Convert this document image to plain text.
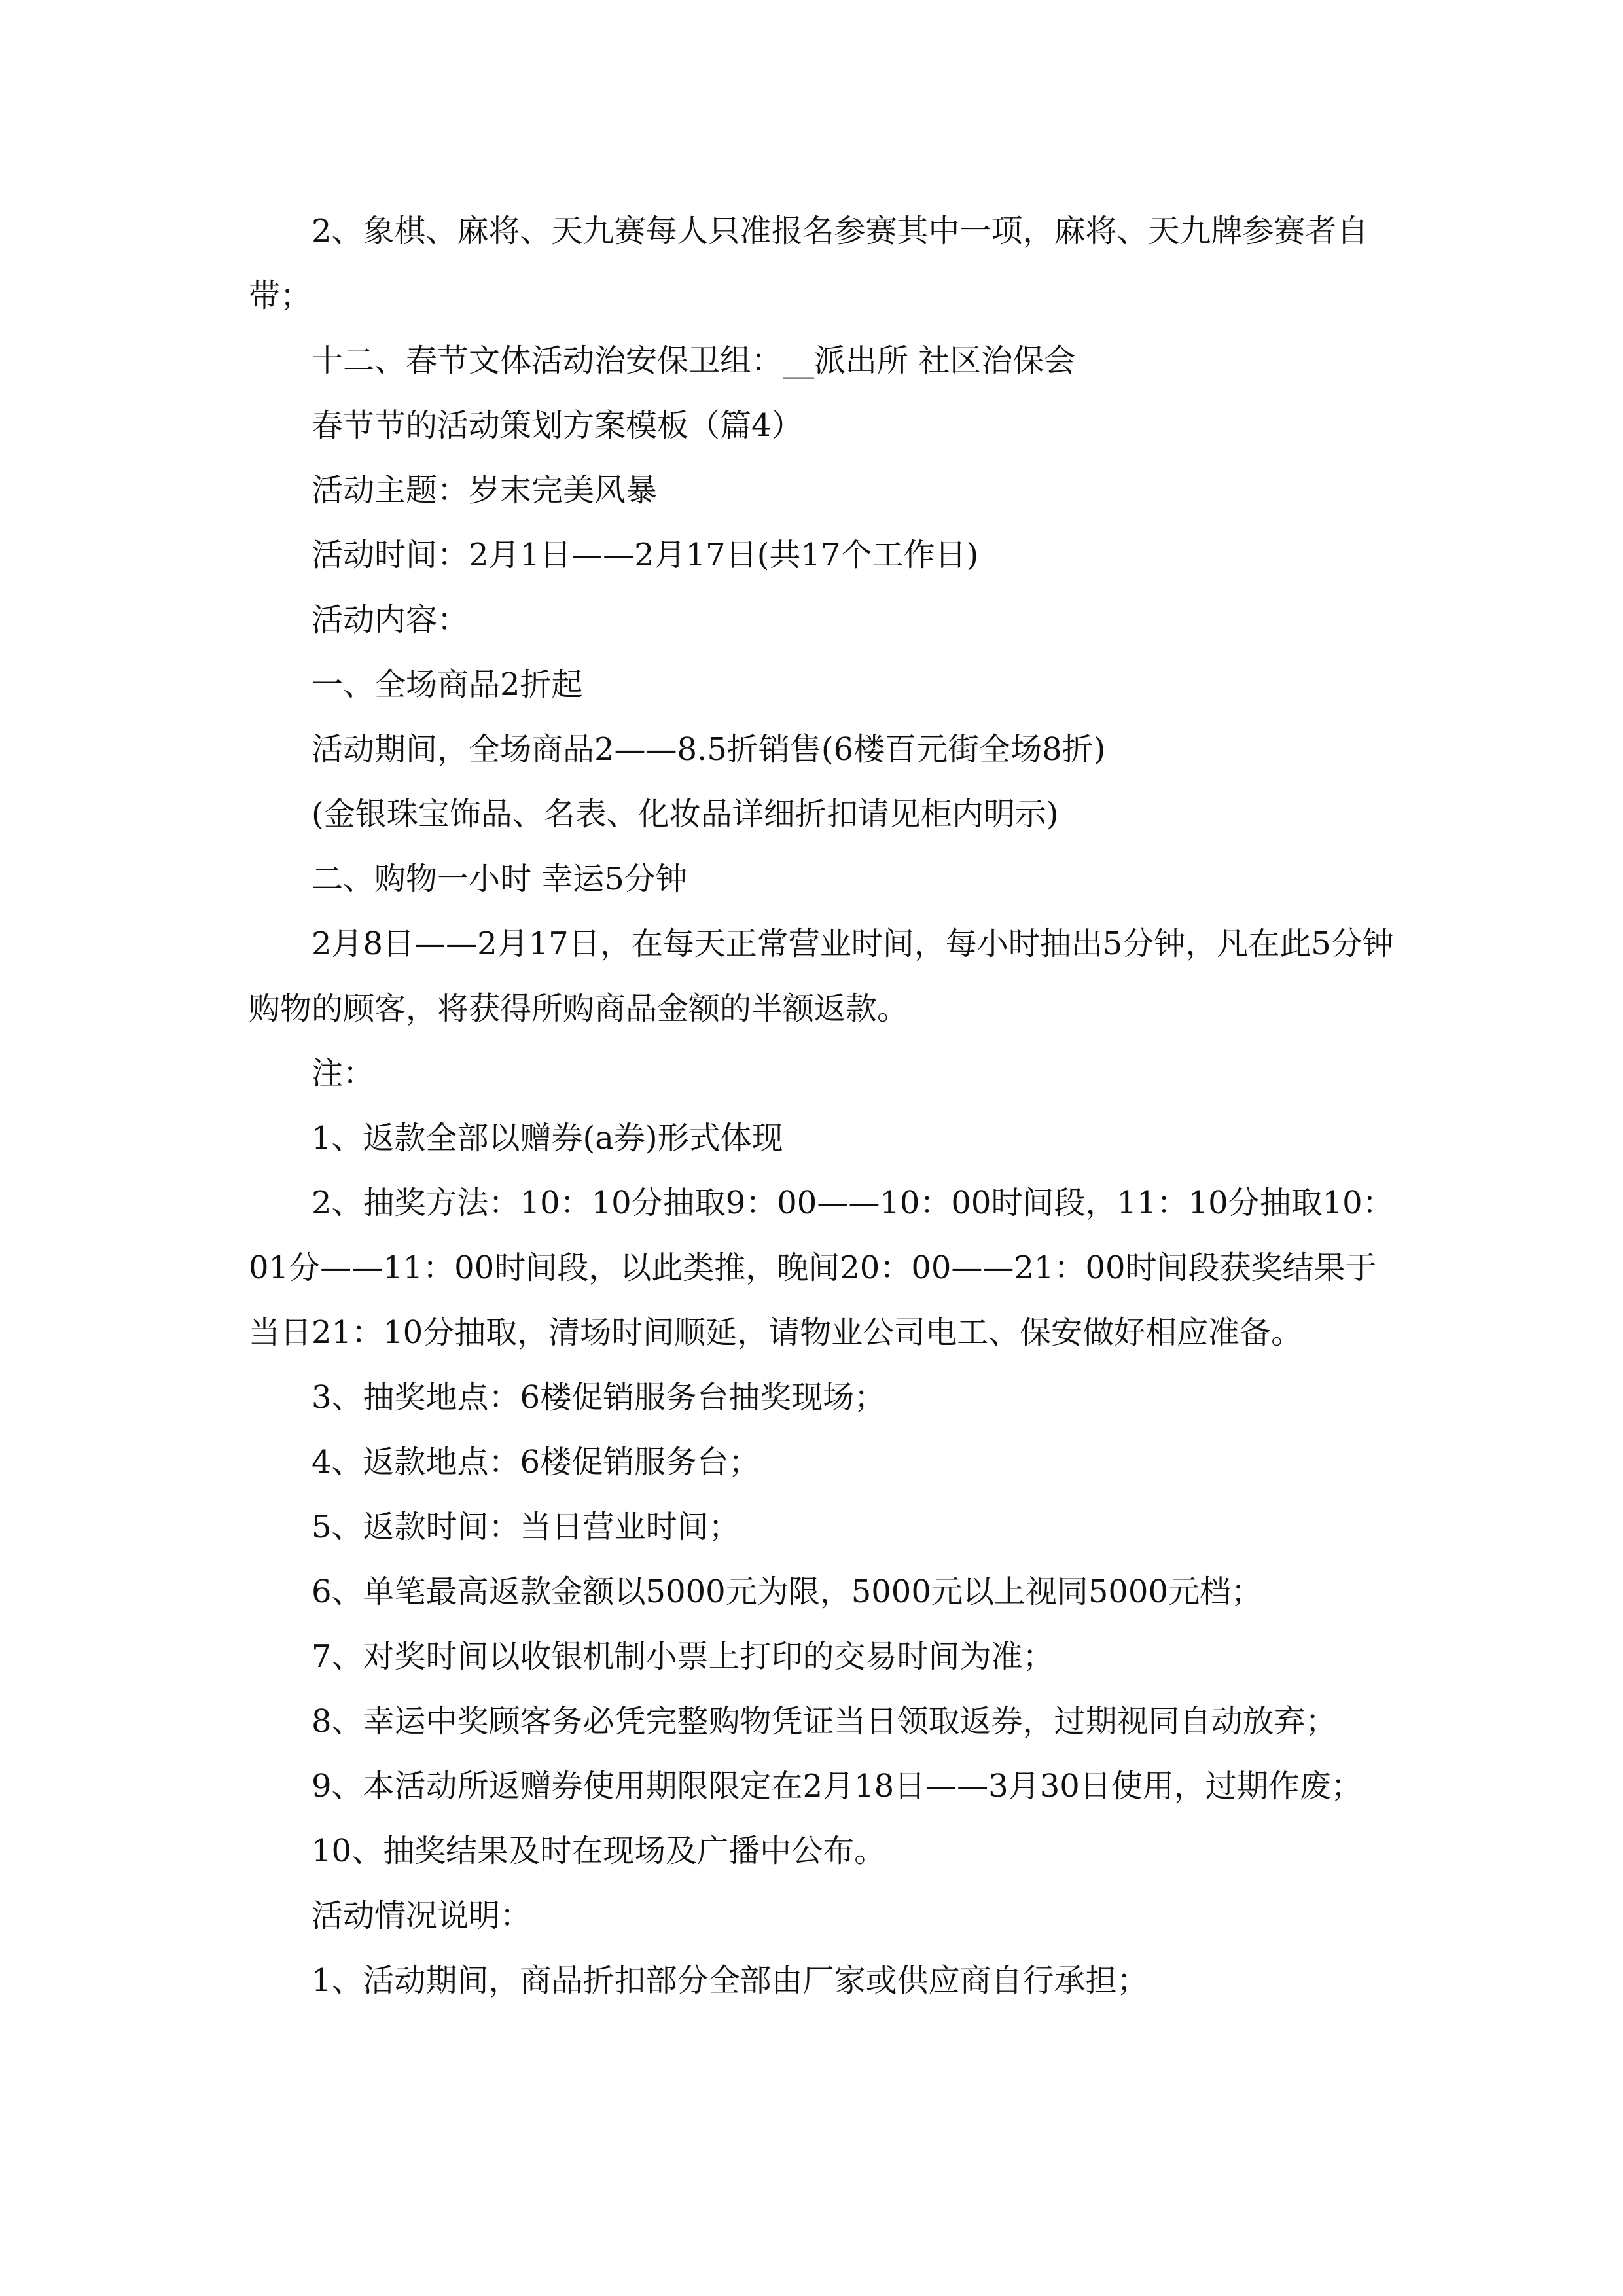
2、象棋、麻将、天九赛每人只准报名参赛其中一项，麻将、天九牌参赛者自带；

十二、春节文体活动治安保卫组：__派出所 社区治保会

春节节的活动策划方案模板（篇4）

活动主题：岁末完美风暴

活动时间：2月1日——2月17日(共17个工作日)

活动内容：

一、全场商品2折起

活动期间，全场商品2——8.5折销售(6楼百元街全场8折)

(金银珠宝饰品、名表、化妆品详细折扣请见柜内明示)

二、购物一小时 幸运5分钟

2月8日——2月17日，在每天正常营业时间，每小时抽出5分钟，凡在此5分钟购物的顾客，将获得所购商品金额的半额返款。

注：

1、返款全部以赠券(a券)形式体现

2、抽奖方法：10：10分抽取9：00——10：00时间段，11：10分抽取10：01分——11：00时间段，以此类推，晚间20：00——21：00时间段获奖结果于当日21：10分抽取，清场时间顺延，请物业公司电工、保安做好相应准备。

3、抽奖地点：6楼促销服务台抽奖现场；

4、返款地点：6楼促销服务台；

5、返款时间：当日营业时间；

6、单笔最高返款金额以5000元为限，5000元以上视同5000元档；

7、对奖时间以收银机制小票上打印的交易时间为准；

8、幸运中奖顾客务必凭完整购物凭证当日领取返券，过期视同自动放弃；

9、本活动所返赠券使用期限限定在2月18日——3月30日使用，过期作废；

10、抽奖结果及时在现场及广播中公布。

活动情况说明：

1、活动期间，商品折扣部分全部由厂家或供应商自行承担；
